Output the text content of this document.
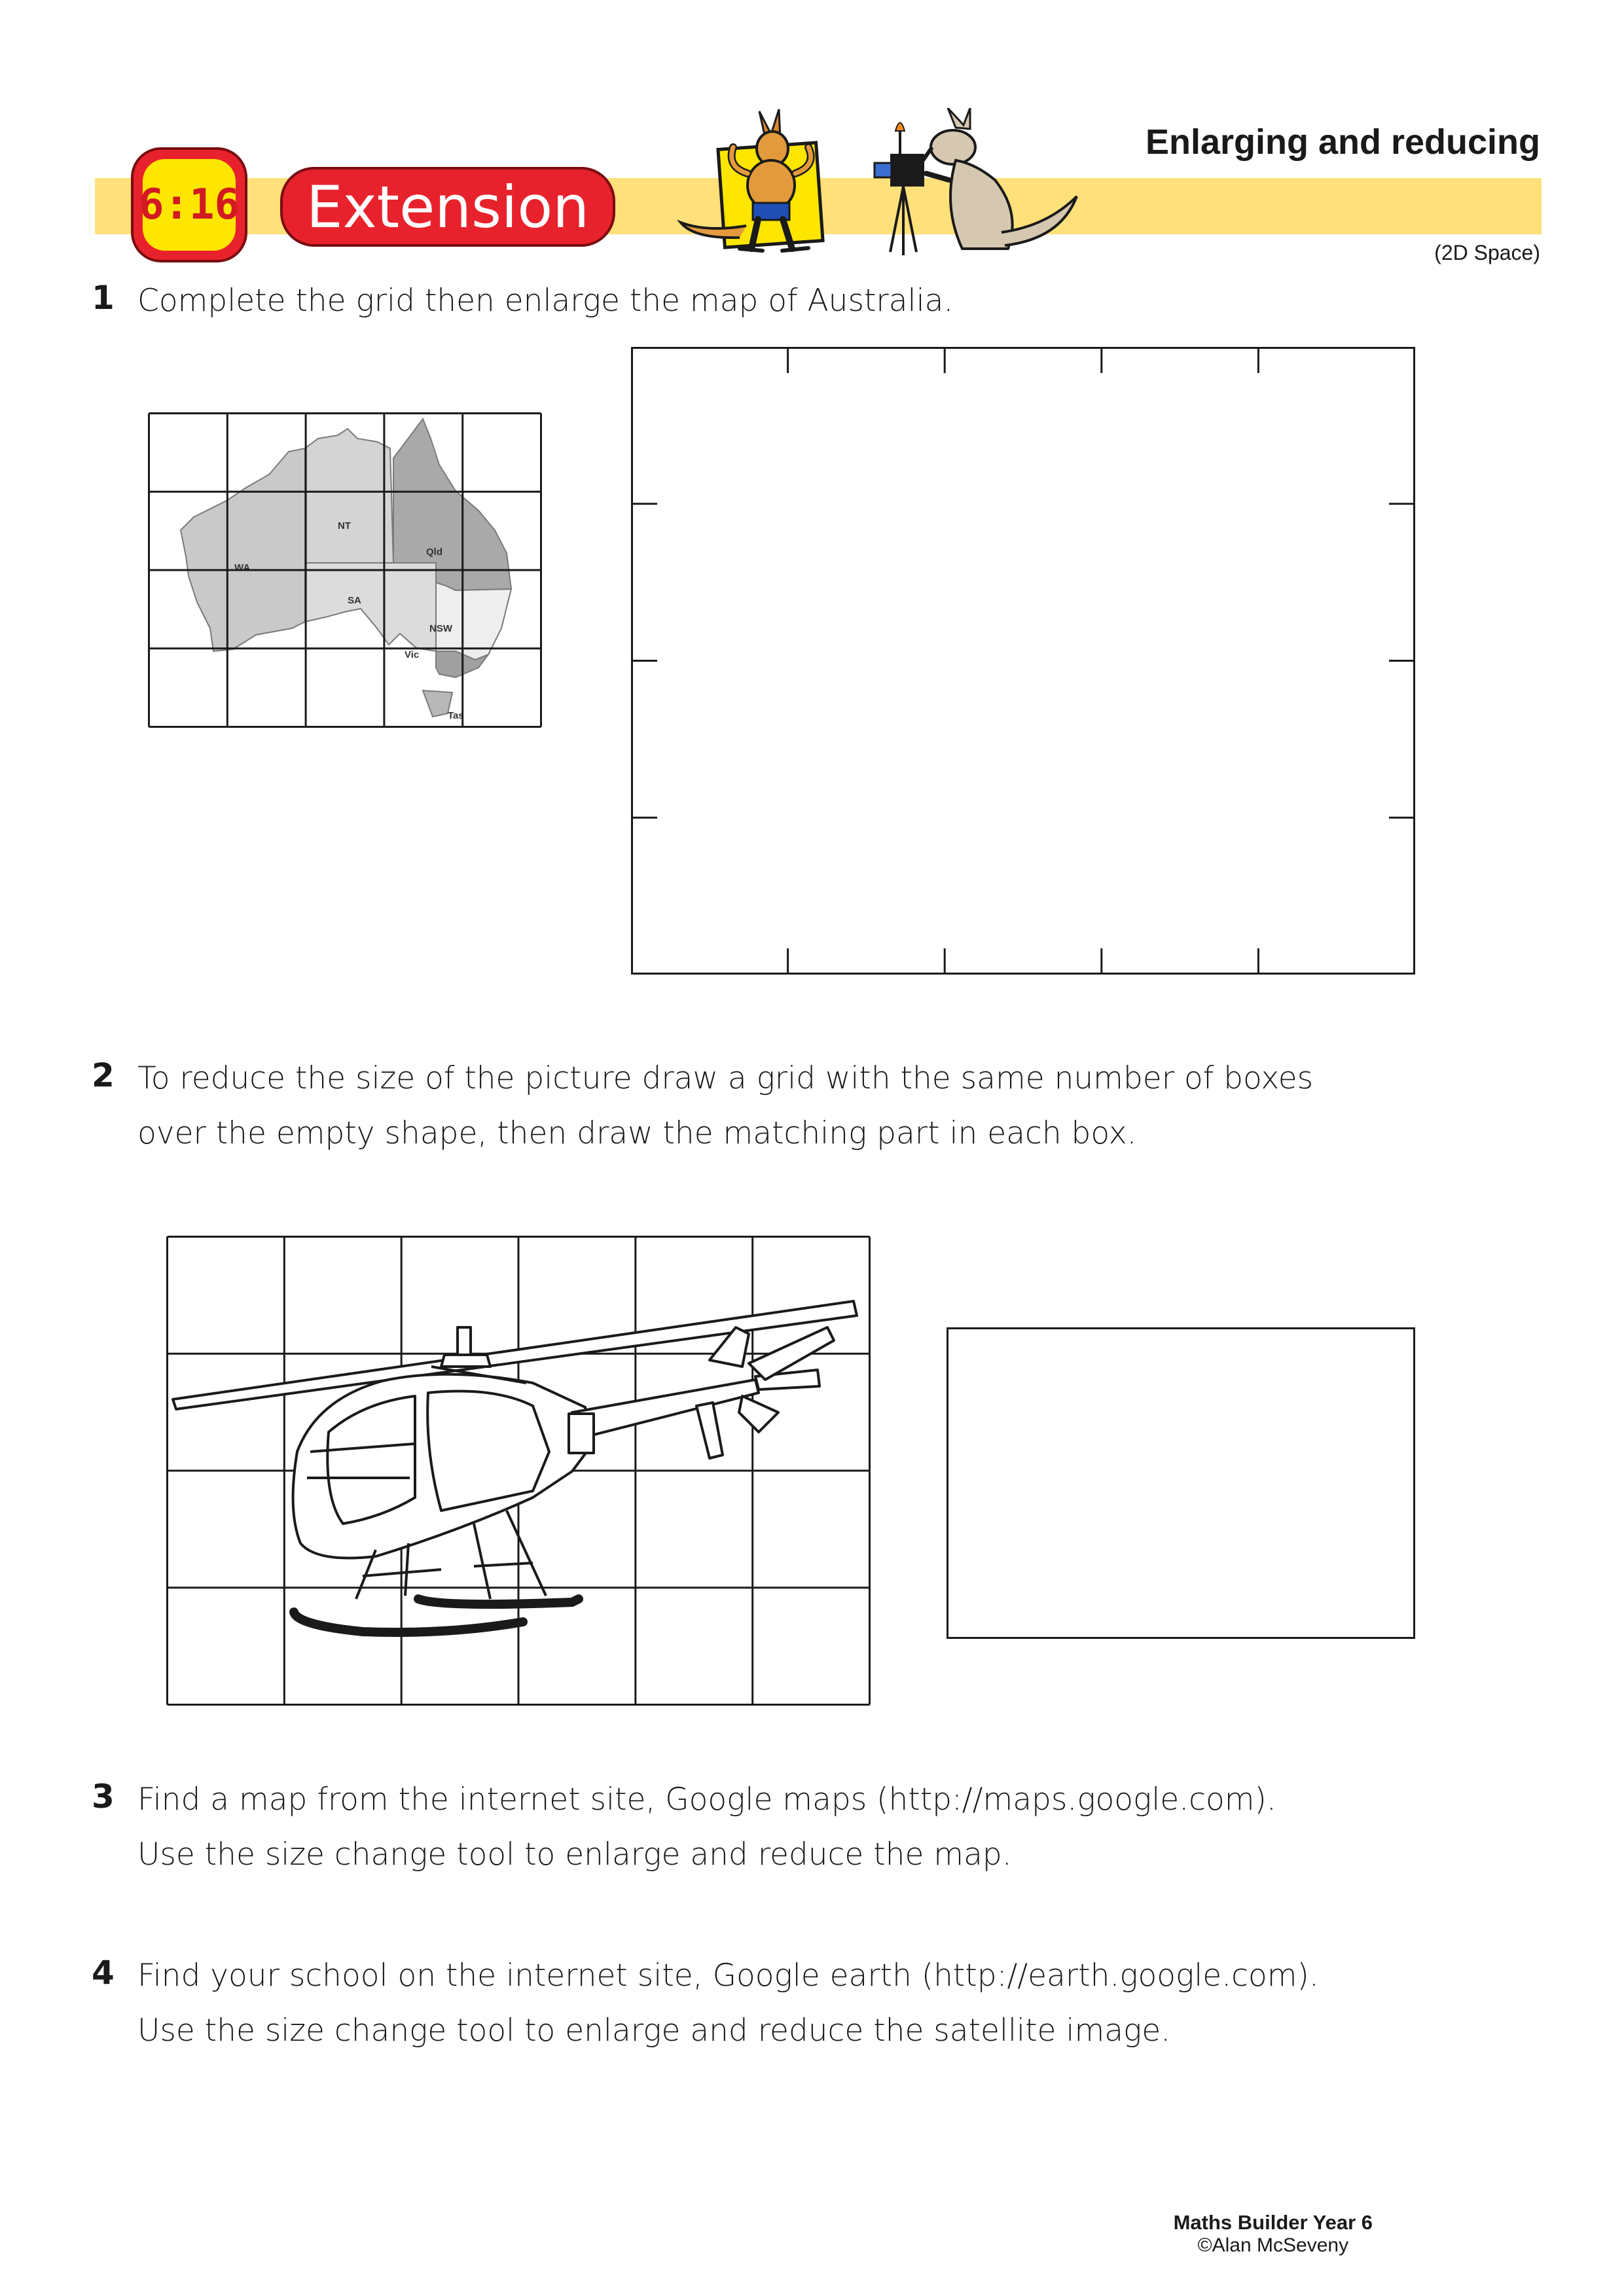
6:16	Extension
Enlarging and reducing
(2D Space)
1 Complete the grid then enlarge the map of Australia.
WA
NT
Qld
SA
NSW
Vic
Tas
2 To reduce the size of the picture draw a grid with the same number of boxes
over the empty shape, then draw the matching part in each box.
3 Find a map from the internet site, Google maps (http://maps.google.com).
Use the size change tool to enlarge and reduce the map.
4 Find your school on the internet site, Google earth (http://earth.google.com).
Use the size change tool to enlarge and reduce the satellite image.
Maths Builder Year 6
©Alan McSeveny
